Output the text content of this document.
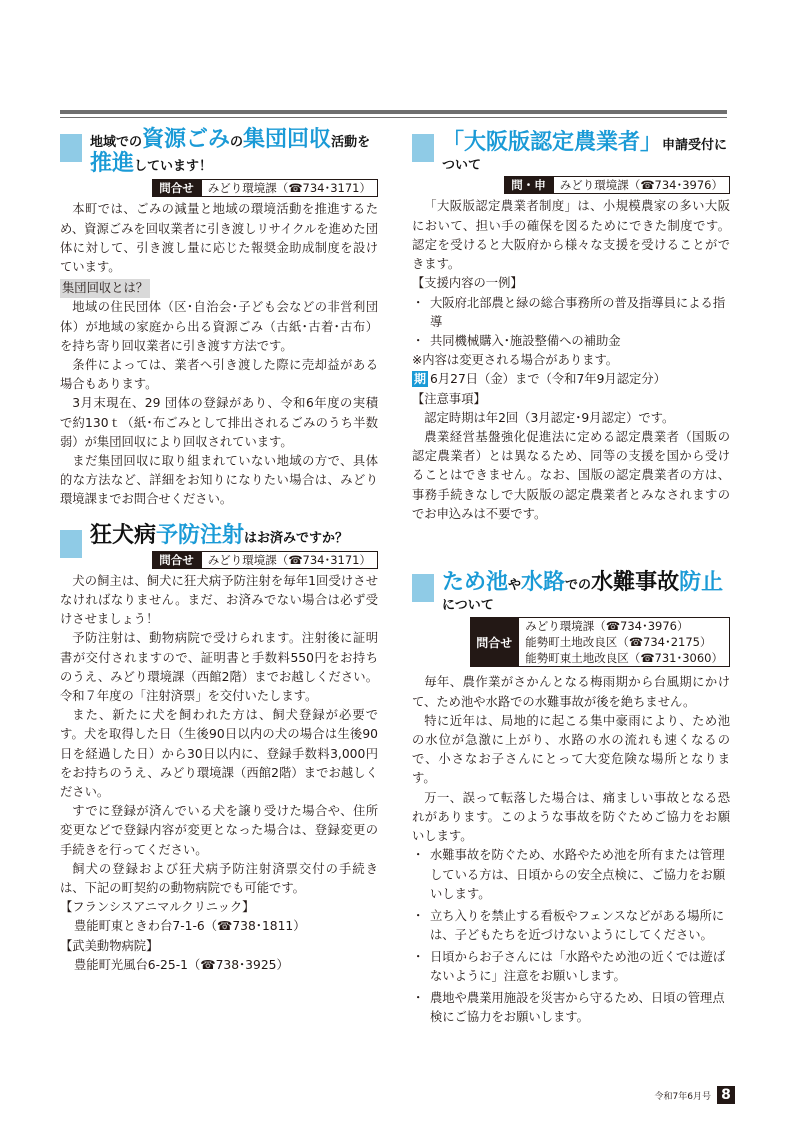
地域での資源ごみの集団回収活動を
推進しています！
問合せ	みどり環境課（☎734･3171）

本町では、ごみの減量と地域の環境活動を推進するため、資源ごみを回収業者に引き渡しリサイクルを進めた団体に対して、引き渡し量に応じた報奨金助成制度を設けています。

集団回収とは？

地域の住民団体（区･自治会･子ども会などの非営利団体）が地域の家庭から出る資源ごみ（古紙･古着･古布）を持ち寄り回収業者に引き渡す方法です。

条件によっては、業者へ引き渡した際に売却益がある場合もあります。

3月末現在、29 団体の登録があり、令和6年度の実積で約130ｔ（紙･布ごみとして排出されるごみのうち半数弱）が集団回収により回収されています。

まだ集団回収に取り組まれていない地域の方で、具体的な方法など、詳細をお知りになりたい場合は、みどり環境課までお問合せください。

狂犬病予防注射はお済みですか？
問合せ	みどり環境課（☎734･3171）

犬の飼主は、飼犬に狂犬病予防注射を毎年1回受けさせなければなりません。まだ、お済みでない場合は必ず受けさせましょう！

予防注射は、動物病院で受けられます。注射後に証明書が交付されますので、証明書と手数料550円をお持ちのうえ、みどり環境課（西館2階）までお越しください。令和７年度の「注射済票」を交付いたします。

また、新たに犬を飼われた方は、飼犬登録が必要です。犬を取得した日（生後90日以内の犬の場合は生後90日を経過した日）から30日以内に、登録手数料3,000円をお持ちのうえ、みどり環境課（西館2階）までお越しください。

すでに登録が済んでいる犬を譲り受けた場合や、住所変更などで登録内容が変更となった場合は、登録変更の手続きを行ってください。

飼犬の登録および狂犬病予防注射済票交付の手続きは、下記の町契約の動物病院でも可能です。

【フランシスアニマルクリニック】
豊能町東ときわ台7-1-6（☎738･1811）
【武美動物病院】
豊能町光風台6-25-1（☎738･3925）
「大阪版認定農業者」申請受付について
問・申	みどり環境課（☎734･3976）

「大阪版認定農業者制度」は、小規模農家の多い大阪において、担い手の確保を図るためにできた制度です。認定を受けると大阪府から様々な支援を受けることができます。

【支援内容の一例】
・ 大阪府北部農と緑の総合事務所の普及指導員による指導
・ 共同機械購入･施設整備への補助金
※内容は変更される場合があります。
期 6月27日（金）まで（令和7年9月認定分）
【注意事項】

認定時期は年2回（3月認定･9月認定）です。

農業経営基盤強化促進法に定める認定農業者（国販の認定農業者）とは異なるため、同等の支援を国から受けることはできません。なお、国版の認定農業者の方は、事務手続きなしで大阪版の認定農業者とみなされますのでお申込みは不要です。

ため池や水路での水難事故防止について
問合せ
みどり環境課（☎734･3976）
能勢町土地改良区（☎734･2175）
能勢町東土地改良区（☎731･3060）

毎年、農作業がさかんとなる梅雨期から台風期にかけて、ため池や水路での水難事故が後を絶ちません。

特に近年は、局地的に起こる集中豪雨により、ため池の水位が急激に上がり、水路の水の流れも速くなるので、小さなお子さんにとって大変危険な場所となります。

万一、誤って転落した場合は、痛ましい事故となる恐れがあります。このような事故を防ぐためご協力をお願いします。

・ 水難事故を防ぐため、水路やため池を所有または管理している方は、日頃からの安全点検に、ご協力をお願いします。
・ 立ち入りを禁止する看板やフェンスなどがある場所には、子どもたちを近づけないようにしてください。
・ 日頃からお子さんには「水路やため池の近くでは遊ばないように」注意をお願いします。
・ 農地や農業用施設を災害から守るため、日頃の管理点検にご協力をお願いします。
令和7年6月号 8
